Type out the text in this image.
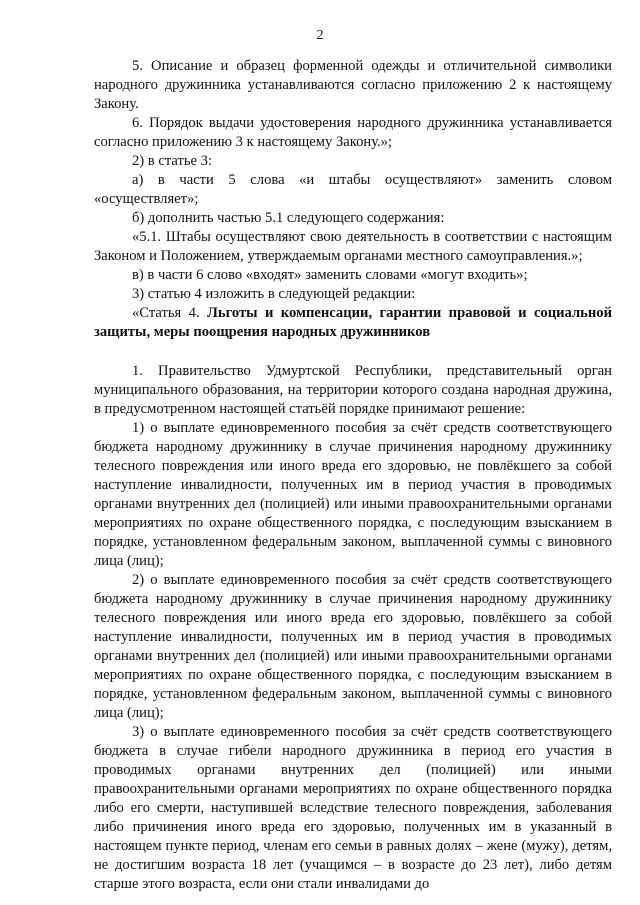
2

5. Описание и образец форменной одежды и отличительной символики народного дружинника устанавливаются согласно приложению 2 к настоящему Закону.

6. Порядок выдачи удостоверения народного дружинника устанавливается согласно приложению 3 к настоящему Закону.»;

2) в статье 3:

а) в части 5 слова «и штабы осуществляют» заменить словом «осуществляет»;

б) дополнить частью 5.1 следующего содержания:

«5.1. Штабы осуществляют свою деятельность в соответствии с настоящим Законом и Положением, утверждаемым органами местного самоуправления.»;

в) в части 6 слово «входят» заменить словами «могут входить»;

3) статью 4 изложить в следующей редакции:

«Статья 4. Льготы и компенсации, гарантии правовой и социальной защиты, меры поощрения народных дружинников

1. Правительство Удмуртской Республики, представительный орган муниципального образования, на территории которого создана народная дружина, в предусмотренном настоящей статьёй порядке принимают решение:

1) о выплате единовременного пособия за счёт средств соответствующего бюджета народному дружиннику в случае причинения народному дружиннику телесного повреждения или иного вреда его здоровью, не повлёкшего за собой наступление инвалидности, полученных им в период участия в проводимых органами внутренних дел (полицией) или иными правоохранительными органами мероприятиях по охране общественного порядка, с последующим взысканием в порядке, установленном федеральным законом, выплаченной суммы с виновного лица (лиц);

2) о выплате единовременного пособия за счёт средств соответствующего бюджета народному дружиннику в случае причинения народному дружиннику телесного повреждения или иного вреда его здоровью, повлёкшего за собой наступление инвалидности, полученных им в период участия в проводимых органами внутренних дел (полицией) или иными правоохранительными органами мероприятиях по охране общественного порядка, с последующим взысканием в порядке, установленном федеральным законом, выплаченной суммы с виновного лица (лиц);

3) о выплате единовременного пособия за счёт средств соответствующего бюджета в случае гибели народного дружинника в период его участия в проводимых органами внутренних дел (полицией) или иными правоохранительными органами мероприятиях по охране общественного порядка либо его смерти, наступившей вследствие телесного повреждения, заболевания либо причинения иного вреда его здоровью, полученных им в указанный в настоящем пункте период, членам его семьи в равных долях – жене (мужу), детям, не достигшим возраста 18 лет (учащимся – в возрасте до 23 лет), либо детям старше этого возраста, если они стали инвалидами до
